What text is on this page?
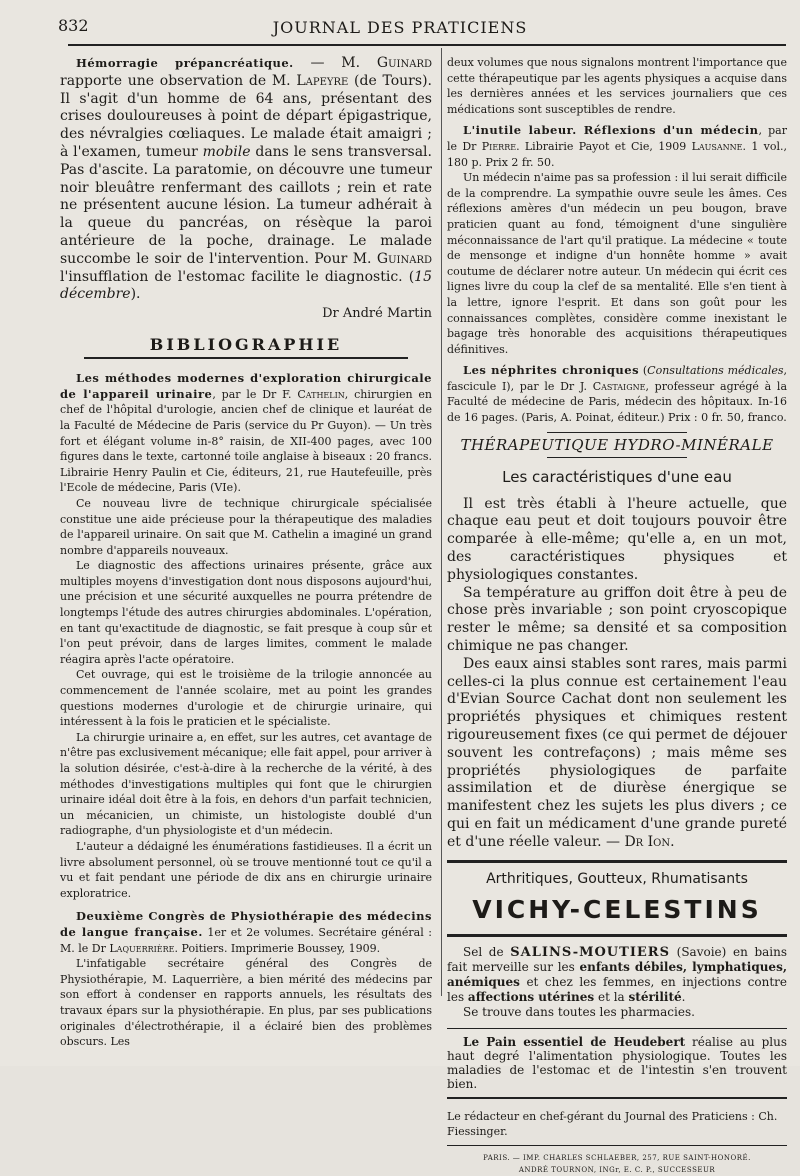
832	JOURNAL DES PRATICIENS

Hémorragie prépancréatique. — M. Guinard rapporte une observation de M. Lapeyre (de Tours). Il s'agit d'un homme de 64 ans, présentant des crises douloureuses à point de départ épigastrique, des névralgies cœliaques. Le malade était amaigri ; à l'examen, tumeur mobile dans le sens transversal. Pas d'ascite. La paratomie, on découvre une tumeur noir bleuâtre renfermant des caillots ; rein et rate ne présentent aucune lésion. La tumeur adhérait à la queue du pancréas, on résèque la paroi antérieure de la poche, drainage. Le malade succombe le soir de l'intervention. Pour M. Guinard l'insufflation de l'estomac facilite le diagnostic. (15 décembre).

Dr André Martin
BIBLIOGRAPHIE

Les méthodes modernes d'exploration chirurgicale de l'appareil urinaire, par le Dr F. Cathelin, chirurgien en chef de l'hôpital d'urologie, ancien chef de clinique et lauréat de la Faculté de Médecine de Paris (service du Pr Guyon). — Un très fort et élégant volume in-8° raisin, de XII-400 pages, avec 100 figures dans le texte, cartonné toile anglaise à biseaux : 20 francs. Librairie Henry Paulin et Cie, éditeurs, 21, rue Hautefeuille, près l'Ecole de médecine, Paris (VIe).

Ce nouveau livre de technique chirurgicale spécialisée constitue une aide précieuse pour la thérapeutique des maladies de l'appareil urinaire. On sait que M. Cathelin a imaginé un grand nombre d'appareils nouveaux.

Le diagnostic des affections urinaires présente, grâce aux multiples moyens d'investigation dont nous disposons aujourd'hui, une précision et une sécurité auxquelles ne pourra prétendre de longtemps l'étude des autres chirurgies abdominales. L'opération, en tant qu'exactitude de diagnostic, se fait presque à coup sûr et l'on peut prévoir, dans de larges limites, comment le malade réagira après l'acte opératoire.

Cet ouvrage, qui est le troisième de la trilogie annoncée au commencement de l'année scolaire, met au point les grandes questions modernes d'urologie et de chirurgie urinaire, qui intéressent à la fois le praticien et le spécialiste.

La chirurgie urinaire a, en effet, sur les autres, cet avantage de n'être pas exclusivement mécanique; elle fait appel, pour arriver à la solution désirée, c'est-à-dire à la recherche de la vérité, à des méthodes d'investigations multiples qui font que le chirurgien urinaire idéal doit être à la fois, en dehors d'un parfait technicien, un mécanicien, un chimiste, un histologiste doublé d'un radiographe, d'un physiologiste et d'un médecin.

L'auteur a dédaigné les énumérations fastidieuses. Il a écrit un livre absolument personnel, où se trouve mentionné tout ce qu'il a vu et fait pendant une période de dix ans en chirurgie urinaire exploratrice.

Deuxième Congrès de Physiothérapie des médecins de langue française. 1er et 2e volumes. Secrétaire général : M. le Dr Laquerrière. Poitiers. Imprimerie Boussey, 1909.

L'infatigable secrétaire général des Congrès de Physiothérapie, M. Laquerrière, a bien mérité des médecins par son effort à condenser en rapports annuels, les résultats des travaux épars sur la physiothérapie. En plus, par ses publications originales d'électrothérapie, il a éclairé bien des problèmes obscurs. Les

deux volumes que nous signalons montrent l'importance que cette thérapeutique par les agents physiques a acquise dans les dernières années et les services journaliers que ces médications sont susceptibles de rendre.

L'inutile labeur. Réflexions d'un médecin, par le Dr Pierre. Librairie Payot et Cie, 1909 Lausanne. 1 vol., 180 p. Prix 2 fr. 50.

Un médecin n'aime pas sa profession : il lui serait difficile de la comprendre. La sympathie ouvre seule les âmes. Ces réflexions amères d'un médecin un peu bougon, brave praticien quant au fond, témoignent d'une singulière méconnaissance de l'art qu'il pratique. La médecine « toute de mensonge et indigne d'un honnête homme » avait coutume de déclarer notre auteur. Un médecin qui écrit ces lignes livre du coup la clef de sa mentalité. Elle s'en tient à la lettre, ignore l'esprit. Et dans son goût pour les connaissances complètes, considère comme inexistant le bagage très honorable des acquisitions thérapeutiques définitives.

Les néphrites chroniques (Consultations médicales, fascicule I), par le Dr J. Castaigne, professeur agrégé à la Faculté de médecine de Paris, médecin des hôpitaux. In-16 de 16 pages. (Paris, A. Poinat, éditeur.) Prix : 0 fr. 50, franco.

THÉRAPEUTIQUE HYDRO-MINÉRALE
Les caractéristiques d'une eau

Il est très établi à l'heure actuelle, que chaque eau peut et doit toujours pouvoir être comparée à elle-même; qu'elle a, en un mot, des caractéristiques physiques et physiologiques constantes.

Sa température au griffon doit être à peu de chose près invariable ; son point cryoscopique rester le même; sa densité et sa composition chimique ne pas changer.

Des eaux ainsi stables sont rares, mais parmi celles-ci la plus connue est certainement l'eau d'Evian Source Cachat dont non seulement les propriétés physiques et chimiques restent rigoureusement fixes (ce qui permet de déjouer souvent les contrefaçons) ; mais même ses propriétés physiologiques de parfaite assimilation et de diurèse énergique se manifestent chez les sujets les plus divers ; ce qui en fait un médicament d'une grande pureté et d'une réelle valeur. — Dr Ion.

Arthritiques, Goutteux, Rhumatisants
VICHY-CELESTINS

Sel de SALINS-MOUTIERS (Savoie) en bains fait merveille sur les enfants débiles, lymphatiques, anémiques et chez les femmes, en injections contre les affections utérines et la stérilité.

Se trouve dans toutes les pharmacies.

Le Pain essentiel de Heudebert réalise au plus haut degré l'alimentation physiologique. Toutes les maladies de l'estomac et de l'intestin s'en trouvent bien.

Le rédacteur en chef-gérant du Journal des Praticiens : Ch. Fiessinger.
PARIS. — IMP. CHARLES SCHLAEBER, 257, RUE SAINT-HONORÉ.
ANDRÉ TOURNON, INGr, E. C. P., SUCCESSEUR
